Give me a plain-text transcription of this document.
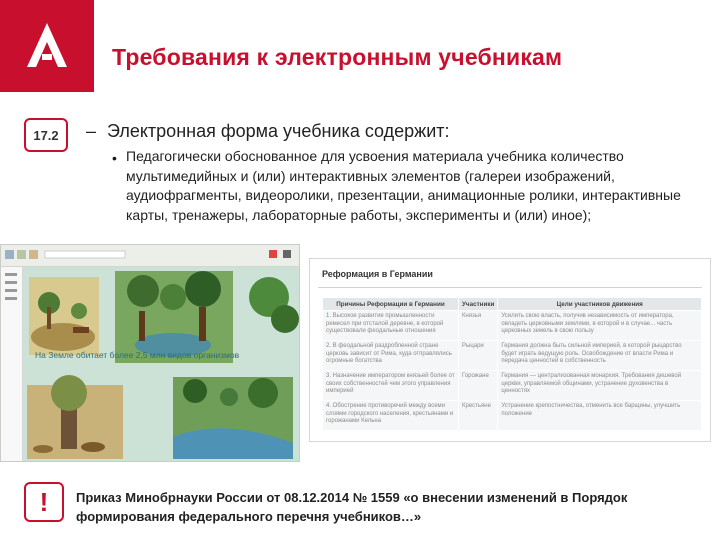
Требования к электронным учебникам
17.2	– Электронная форма учебника содержит:
• Педагогически обоснованное для усвоения материала учебника количество мультимедийных и (или) интерактивных элементов (галереи изображений, аудиофрагменты, видеоролики, презентации, анимационные ролики, интерактивные карты, тренажеры, лабораторные работы, эксперименты и (или) иное);
На Земле обитает более 2,5 млн видов организмов
Реформация в Германии
Причины Реформации в Германии	Участники	Цели участников движения
1. Высокое развитие промышленности ремесел при отсталой деревне, в которой существовали феодальные отношения	Князья	Усилить свою власть, получив независимость от императора, овладеть церковными землями, в которой и в случае... часть церковных земель в свою пользу
2. В феодальной раздробленной стране церковь зависит от Рима, куда отправлялись огромные богатства	Рыцари	Германия должна быть сильной империей, в которой рыцарство будет играть ведущую роль. Освобождение от власти Рима и передача ценностей в собственность
3. Назначение императором князьей более от своих собственностей чем этого управления империей	Горожане	Германия — централизованная монархия. Требования дешевой церкви, управляемой общинами, устранение духовенства в ценностях
4. Обострение противоречий между всеми слоями городского населения, крестьянами и горожанами Кельна	Крестьяне	Устранение крепостничества, отменить все барщины, улучшить положение
!	Приказ Минобрнауки России от 08.12.2014 № 1559 «о внесении изменений в Порядок формирования федерального перечня учебников…»
